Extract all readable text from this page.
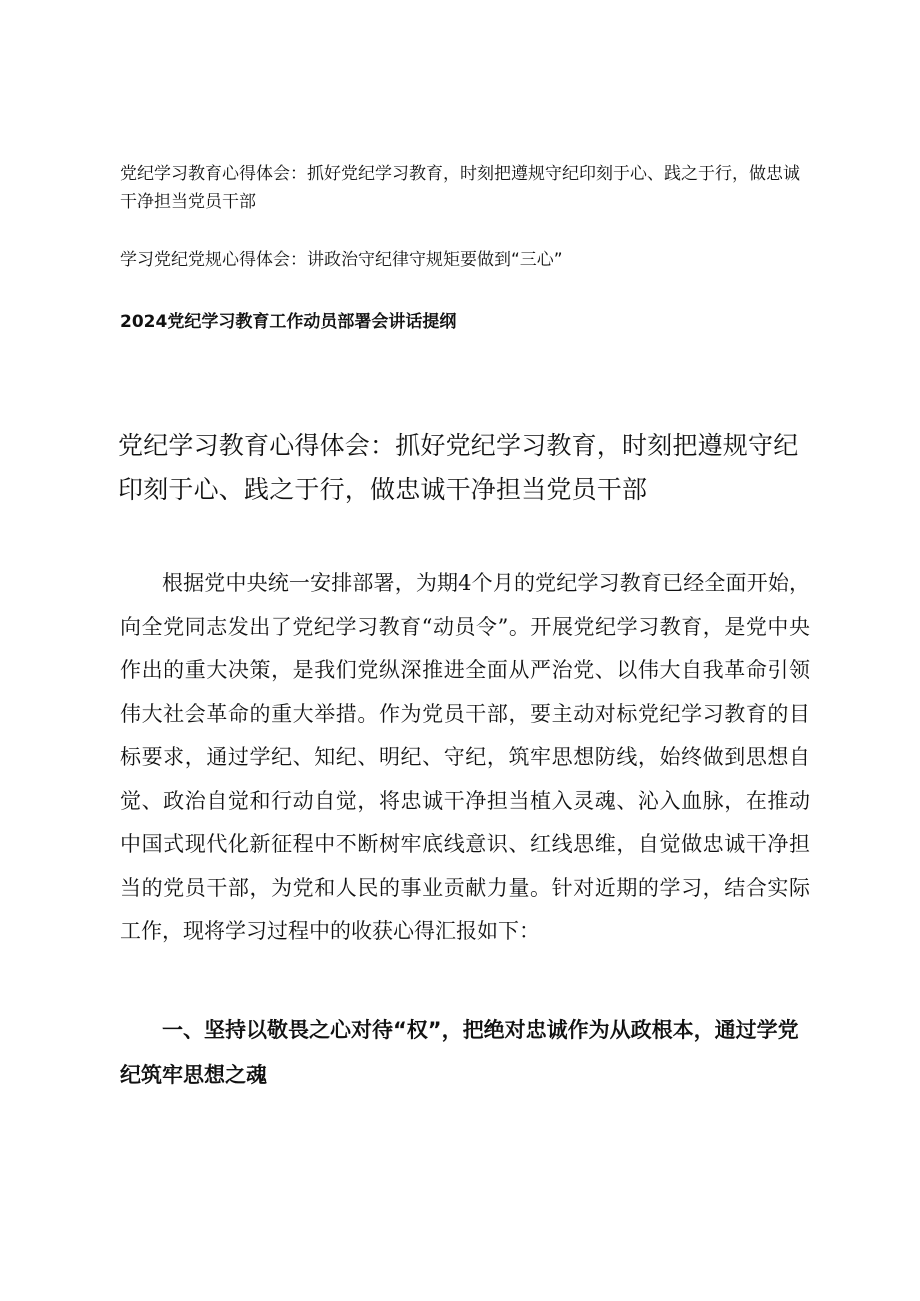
党纪学习教育心得体会：抓好党纪学习教育，时刻把遵规守纪印刻于心、践之于行，做忠诚干净担当党员干部
学习党纪党规心得体会：讲政治守纪律守规矩要做到“三心”
2024党纪学习教育工作动员部署会讲话提纲
党纪学习教育心得体会：抓好党纪学习教育，时刻把遵规守纪印刻于心、践之于行，做忠诚干净担当党员干部

根据党中央统一安排部署，为期4个月的党纪学习教育已经全面开始，向全党同志发出了党纪学习教育“动员令”。开展党纪学习教育，是党中央作出的重大决策，是我们党纵深推进全面从严治党、以伟大自我革命引领伟大社会革命的重大举措。作为党员干部，要主动对标党纪学习教育的目标要求，通过学纪、知纪、明纪、守纪，筑牢思想防线，始终做到思想自觉、政治自觉和行动自觉，将忠诚干净担当植入灵魂、沁入血脉，在推动中国式现代化新征程中不断树牢底线意识、红线思维，自觉做忠诚干净担当的党员干部，为党和人民的事业贡献力量。针对近期的学习，结合实际工作，现将学习过程中的收获心得汇报如下：

一、坚持以敬畏之心对待“权”，把绝对忠诚作为从政根本，通过学党纪筑牢思想之魂
